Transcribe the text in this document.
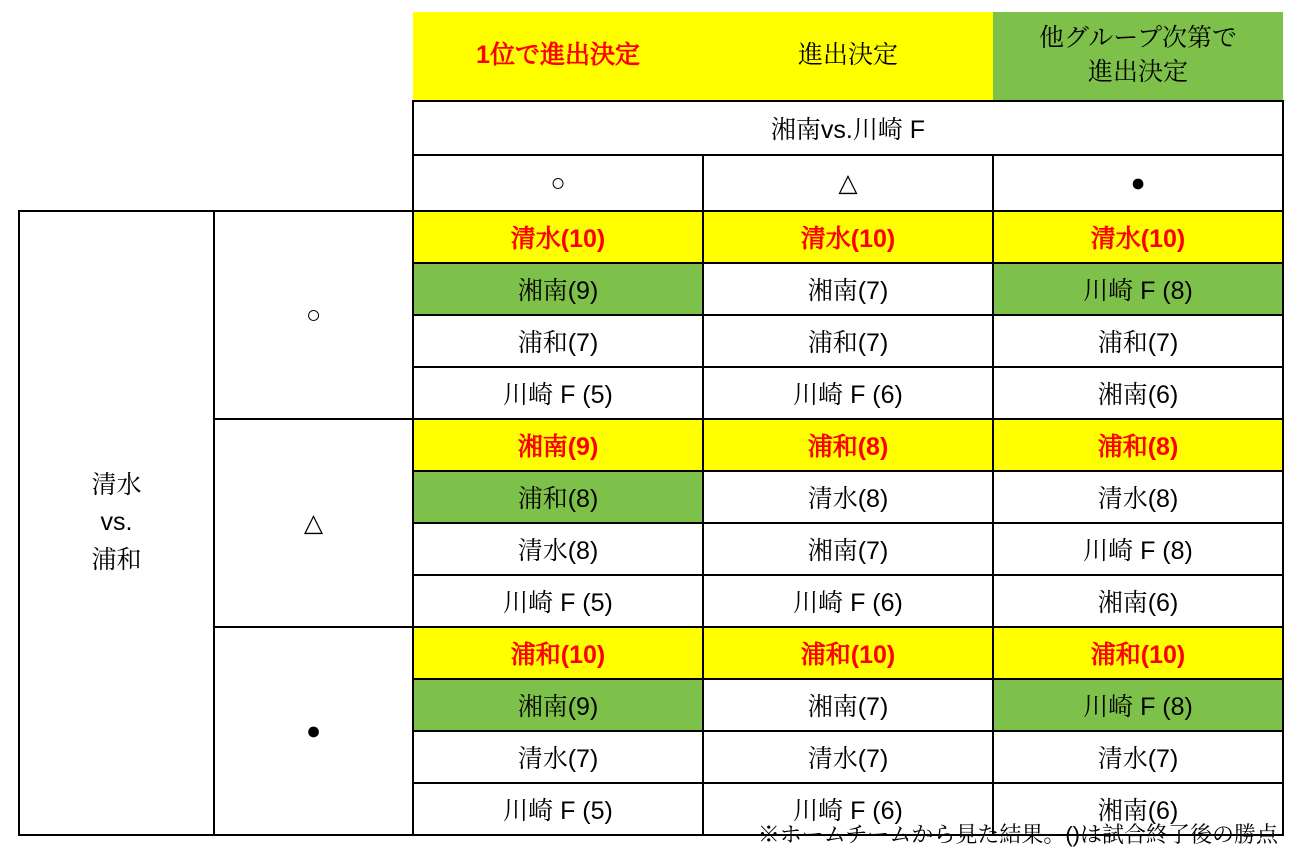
		1位で進出決定	進出決定	他グループ次第で
進出決定

		湘南vs.川崎 F		
		○	△	●

清水
vs.
浦和	○	清水(10)	清水(10)	清水(10)
		湘南(9)	湘南(7)	川崎 F (8)
		浦和(7)	浦和(7)	浦和(7)
		川崎 F (5)	川崎 F (6)	湘南(6)
	△	湘南(9)	浦和(8)	浦和(8)
		浦和(8)	清水(8)	清水(8)
		清水(8)	湘南(7)	川崎 F (8)
		川崎 F (5)	川崎 F (6)	湘南(6)
	●	浦和(10)	浦和(10)	浦和(10)
		湘南(9)	湘南(7)	川崎 F (8)
		清水(7)	清水(7)	清水(7)
		川崎 F (5)	川崎 F (6)	湘南(6)
※ホームチームから見た結果。()は試合終了後の勝点
